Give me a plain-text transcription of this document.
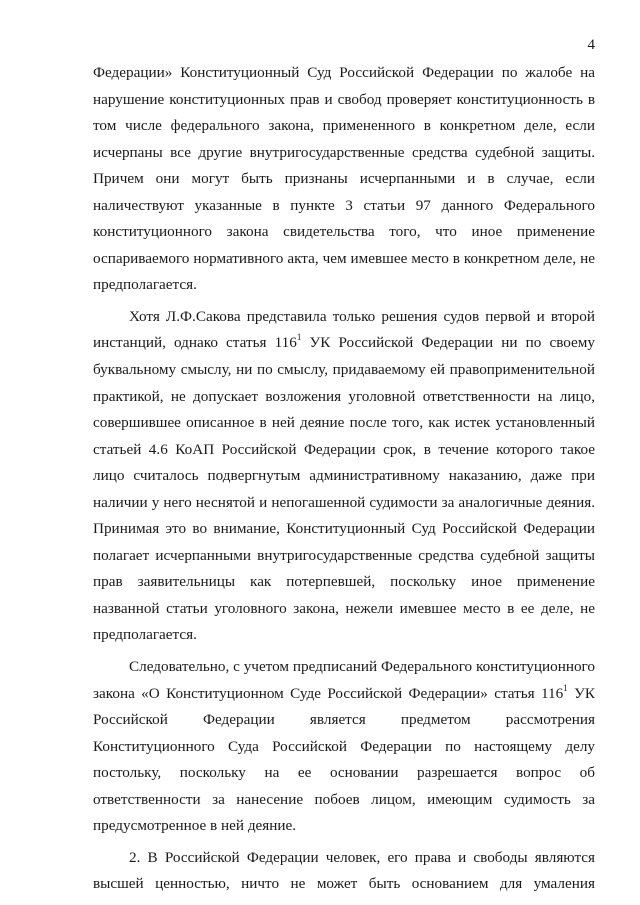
4

Федерации» Конституционный Суд Российской Федерации по жалобе на нарушение конституционных прав и свобод проверяет конституционность в том числе федерального закона, примененного в конкретном деле, если исчерпаны все другие внутригосударственные средства судебной защиты. Причем они могут быть признаны исчерпанными и в случае, если наличествуют указанные в пункте 3 статьи 97 данного Федерального конституционного закона свидетельства того, что иное применение оспариваемого нормативного акта, чем имевшее место в конкретном деле, не предполагается.

Хотя Л.Ф.Сакова представила только решения судов первой и второй инстанций, однако статья $116^1$ УК Российской Федерации ни по своему буквальному смыслу, ни по смыслу, придаваемому ей правоприменительной практикой, не допускает возложения уголовной ответственности на лицо, совершившее описанное в ней деяние после того, как истек установленный статьей 4.6 КоАП Российской Федерации срок, в течение которого такое лицо считалось подвергнутым административному наказанию, даже при наличии у него неснятой и непогашенной судимости за аналогичные деяния. Принимая это во внимание, Конституционный Суд Российской Федерации полагает исчерпанными внутригосударственные средства судебной защиты прав заявительницы как потерпевшей, поскольку иное применение названной статьи уголовного закона, нежели имевшее место в ее деле, не предполагается.

Следовательно, с учетом предписаний Федерального конституционного закона «О Конституционном Суде Российской Федерации» статья $116^1$ УК Российской Федерации является предметом рассмотрения Конституционного Суда Российской Федерации по настоящему делу постольку, поскольку на ее основании разрешается вопрос об ответственности за нанесение побоев лицом, имеющим судимость за предусмотренное в ней деяние.

2. В Российской Федерации человек, его права и свободы являются высшей ценностью, ничто не может быть основанием для умаления
